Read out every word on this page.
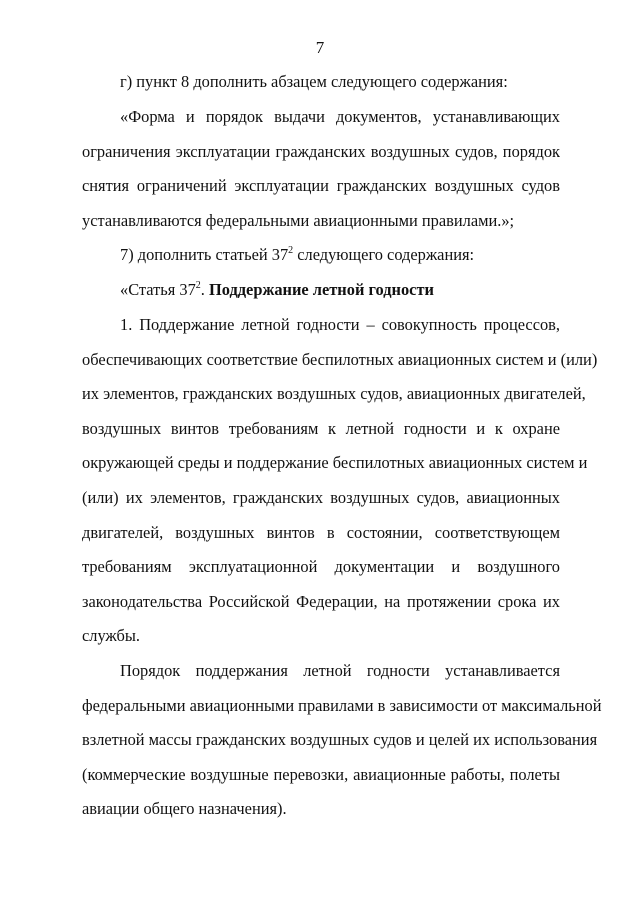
7
г) пункт 8 дополнить абзацем следующего содержания:
«Форма и порядок выдачи документов, устанавливающих
ограничения эксплуатации гражданских воздушных судов, порядок
снятия ограничений эксплуатации гражданских воздушных судов
устанавливаются федеральными авиационными правилами.»;
7) дополнить статьей $37^2$ следующего содержания:
«Статья $37^2$. Поддержание летной годности
1. Поддержание летной годности – совокупность процессов,
обеспечивающих соответствие беспилотных авиационных систем и (или)
их элементов, гражданских воздушных судов, авиационных двигателей,
воздушных винтов требованиям к летной годности и к охране
окружающей среды и поддержание беспилотных авиационных систем и
(или) их элементов, гражданских воздушных судов, авиационных
двигателей, воздушных винтов в состоянии, соответствующем
требованиям эксплуатационной документации и воздушного
законодательства Российской Федерации, на протяжении срока их
службы.
Порядок поддержания летной годности устанавливается
федеральными авиационными правилами в зависимости от максимальной
взлетной массы гражданских воздушных судов и целей их использования
(коммерческие воздушные перевозки, авиационные работы, полеты
авиации общего назначения).
